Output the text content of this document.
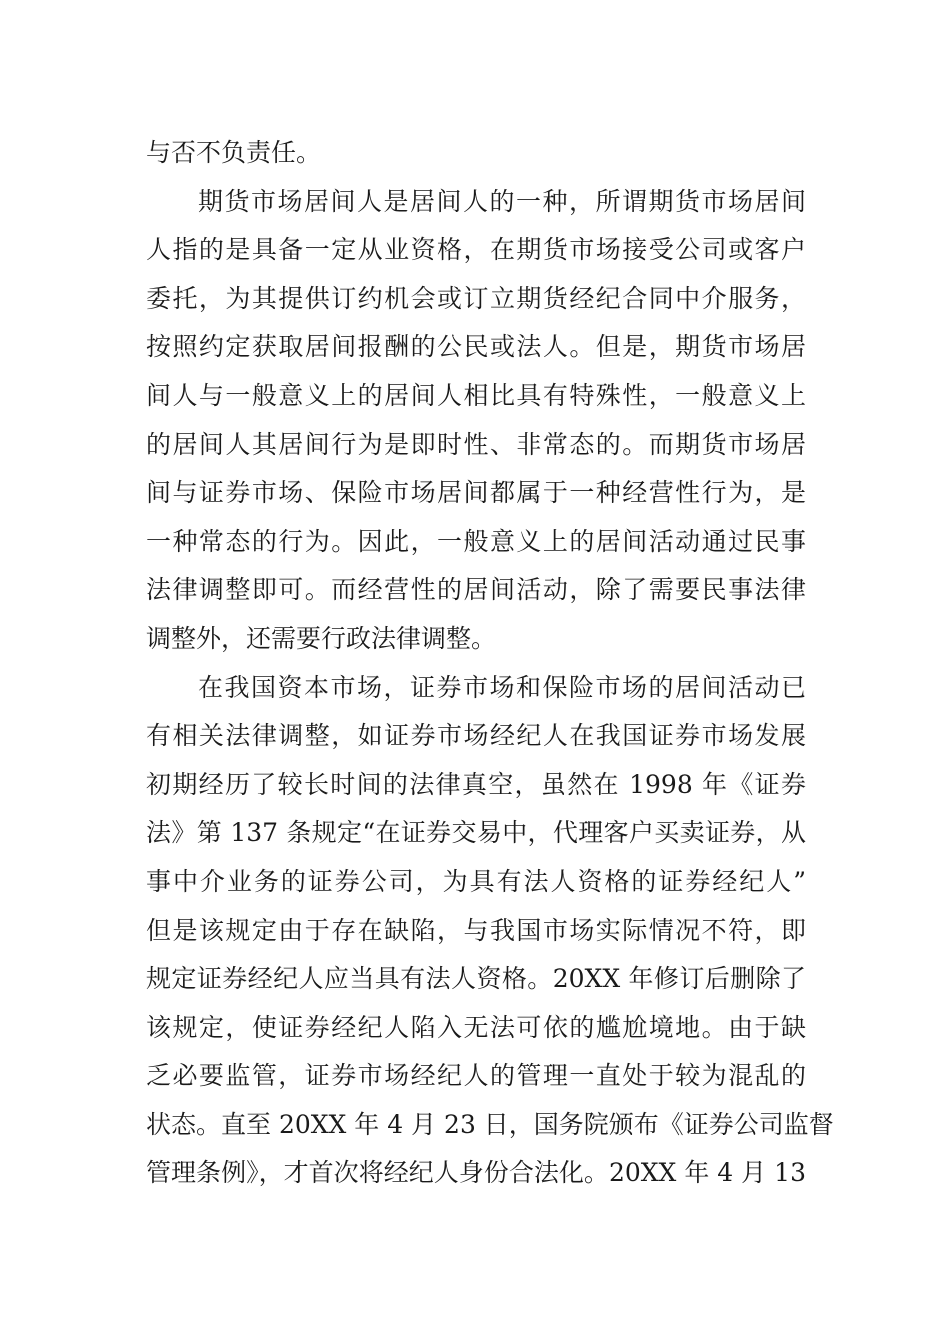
与否不负责任。
期货市场居间人是居间人的一种，所谓期货市场居间
人指的是具备一定从业资格，在期货市场接受公司或客户
委托，为其提供订约机会或订立期货经纪合同中介服务，
按照约定获取居间报酬的公民或法人。但是，期货市场居
间人与一般意义上的居间人相比具有特殊性，一般意义上
的居间人其居间行为是即时性、非常态的。而期货市场居
间与证券市场、保险市场居间都属于一种经营性行为，是
一种常态的行为。因此，一般意义上的居间活动通过民事
法律调整即可。而经营性的居间活动，除了需要民事法律
调整外，还需要行政法律调整。
在我国资本市场，证券市场和保险市场的居间活动已
有相关法律调整，如证券市场经纪人在我国证券市场发展
初期经历了较长时间的法律真空，虽然在 1998 年《证券
法》第 137 条规定“在证券交易中，代理客户买卖证券，从
事中介业务的证券公司，为具有法人资格的证券经纪人”
但是该规定由于存在缺陷，与我国市场实际情况不符，即
规定证券经纪人应当具有法人资格。20XX 年修订后删除了
该规定，使证券经纪人陷入无法可依的尴尬境地。由于缺
乏必要监管，证券市场经纪人的管理一直处于较为混乱的
状态。直至 20XX 年 4 月 23 日，国务院颁布《证券公司监督
管理条例》，才首次将经纪人身份合法化。20XX 年 4 月 13
